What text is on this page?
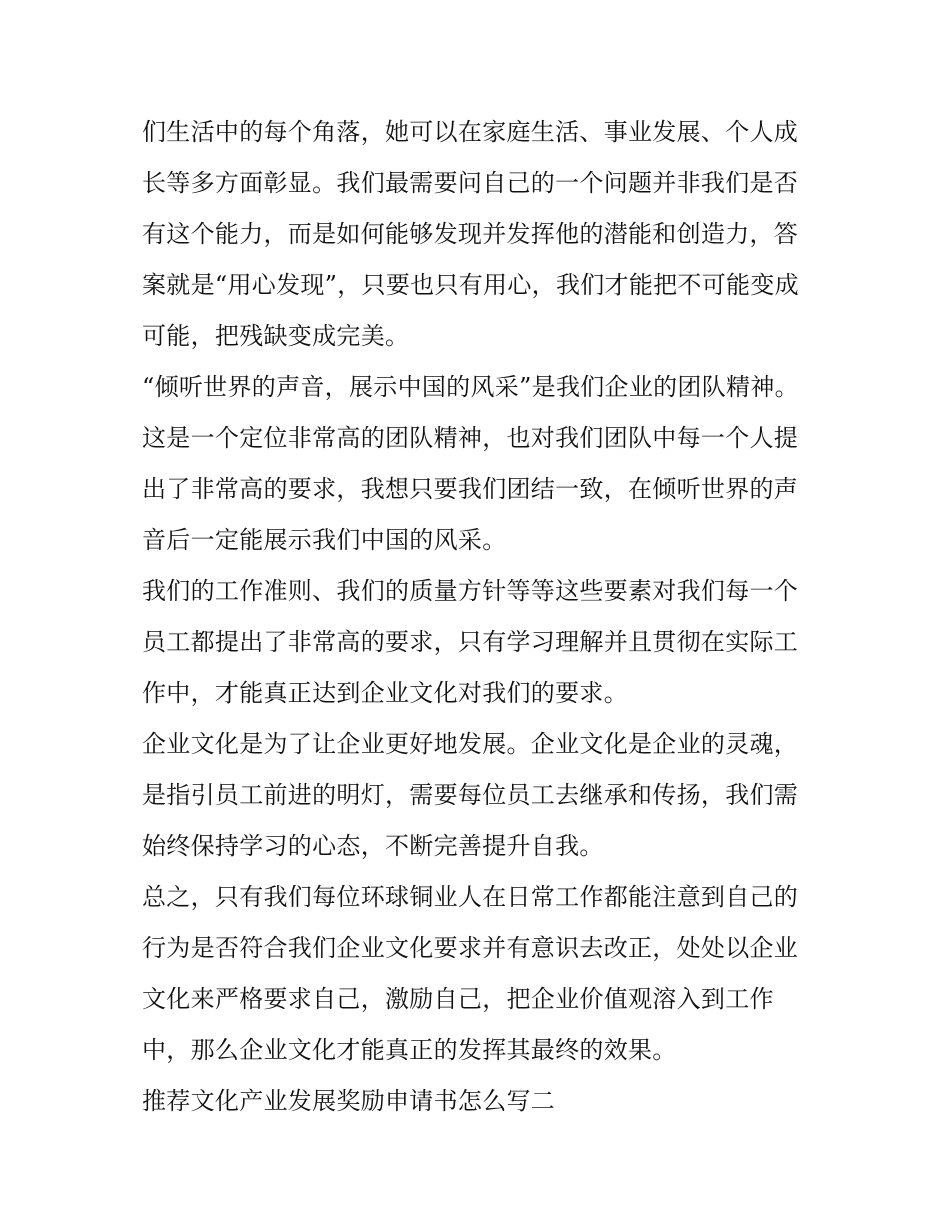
们生活中的每个角落，她可以在家庭生活、事业发展、个人成
长等多方面彰显。我们最需要问自己的一个问题并非我们是否
有这个能力，而是如何能够发现并发挥他的潜能和创造力，答
案就是“用心发现”，只要也只有用心，我们才能把不可能变成
可能，把残缺变成完美。
“倾听世界的声音，展示中国的风采”是我们企业的团队精神。
这是一个定位非常高的团队精神，也对我们团队中每一个人提
出了非常高的要求，我想只要我们团结一致，在倾听世界的声
音后一定能展示我们中国的风采。
我们的工作准则、我们的质量方针等等这些要素对我们每一个
员工都提出了非常高的要求，只有学习理解并且贯彻在实际工
作中，才能真正达到企业文化对我们的要求。
企业文化是为了让企业更好地发展。企业文化是企业的灵魂，
是指引员工前进的明灯，需要每位员工去继承和传扬，我们需
始终保持学习的心态，不断完善提升自我。
总之，只有我们每位环球铜业人在日常工作都能注意到自己的
行为是否符合我们企业文化要求并有意识去改正，处处以企业
文化来严格要求自己，激励自己，把企业价值观溶入到工作
中，那么企业文化才能真正的发挥其最终的效果。
推荐文化产业发展奖励申请书怎么写二
